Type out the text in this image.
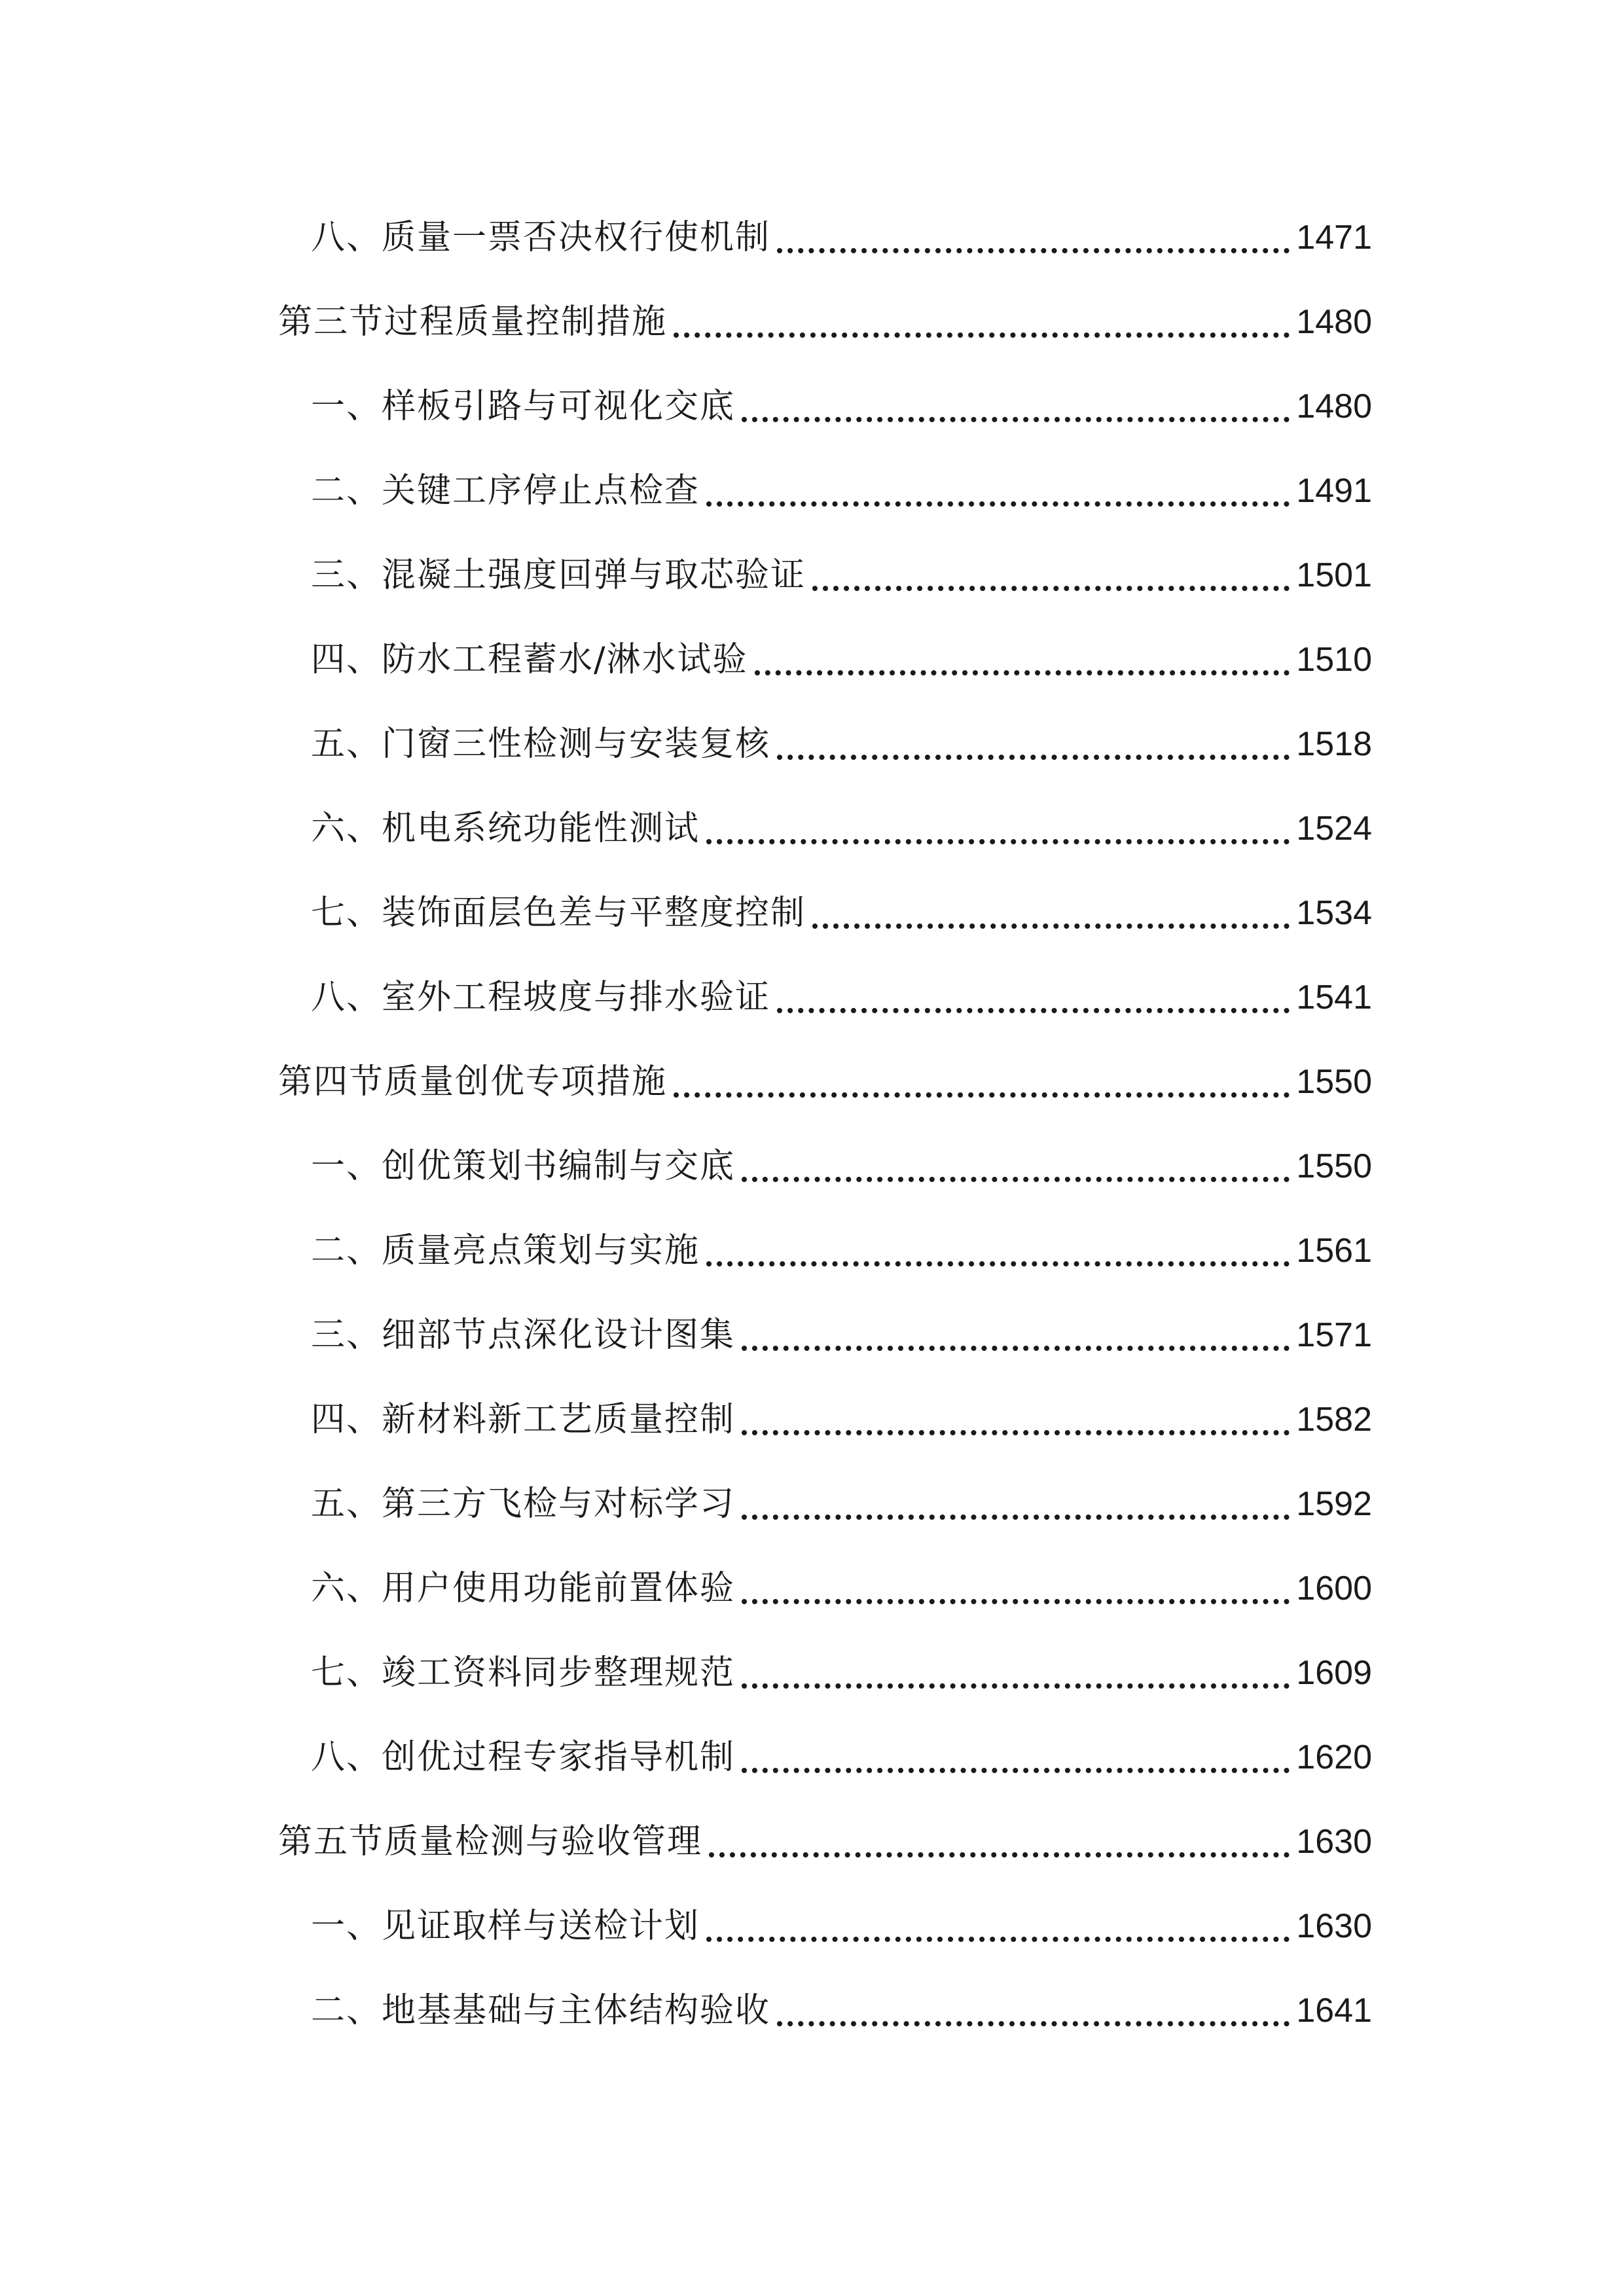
八、质量一票否决权行使机制	1471
第三节过程质量控制措施	1480
一、样板引路与可视化交底	1480
二、关键工序停止点检查	1491
三、混凝土强度回弹与取芯验证	1501
四、防水工程蓄水/淋水试验	1510
五、门窗三性检测与安装复核	1518
六、机电系统功能性测试	1524
七、装饰面层色差与平整度控制	1534
八、室外工程坡度与排水验证	1541
第四节质量创优专项措施	1550
一、创优策划书编制与交底	1550
二、质量亮点策划与实施	1561
三、细部节点深化设计图集	1571
四、新材料新工艺质量控制	1582
五、第三方飞检与对标学习	1592
六、用户使用功能前置体验	1600
七、竣工资料同步整理规范	1609
八、创优过程专家指导机制	1620
第五节质量检测与验收管理	1630
一、见证取样与送检计划	1630
二、地基基础与主体结构验收	1641
